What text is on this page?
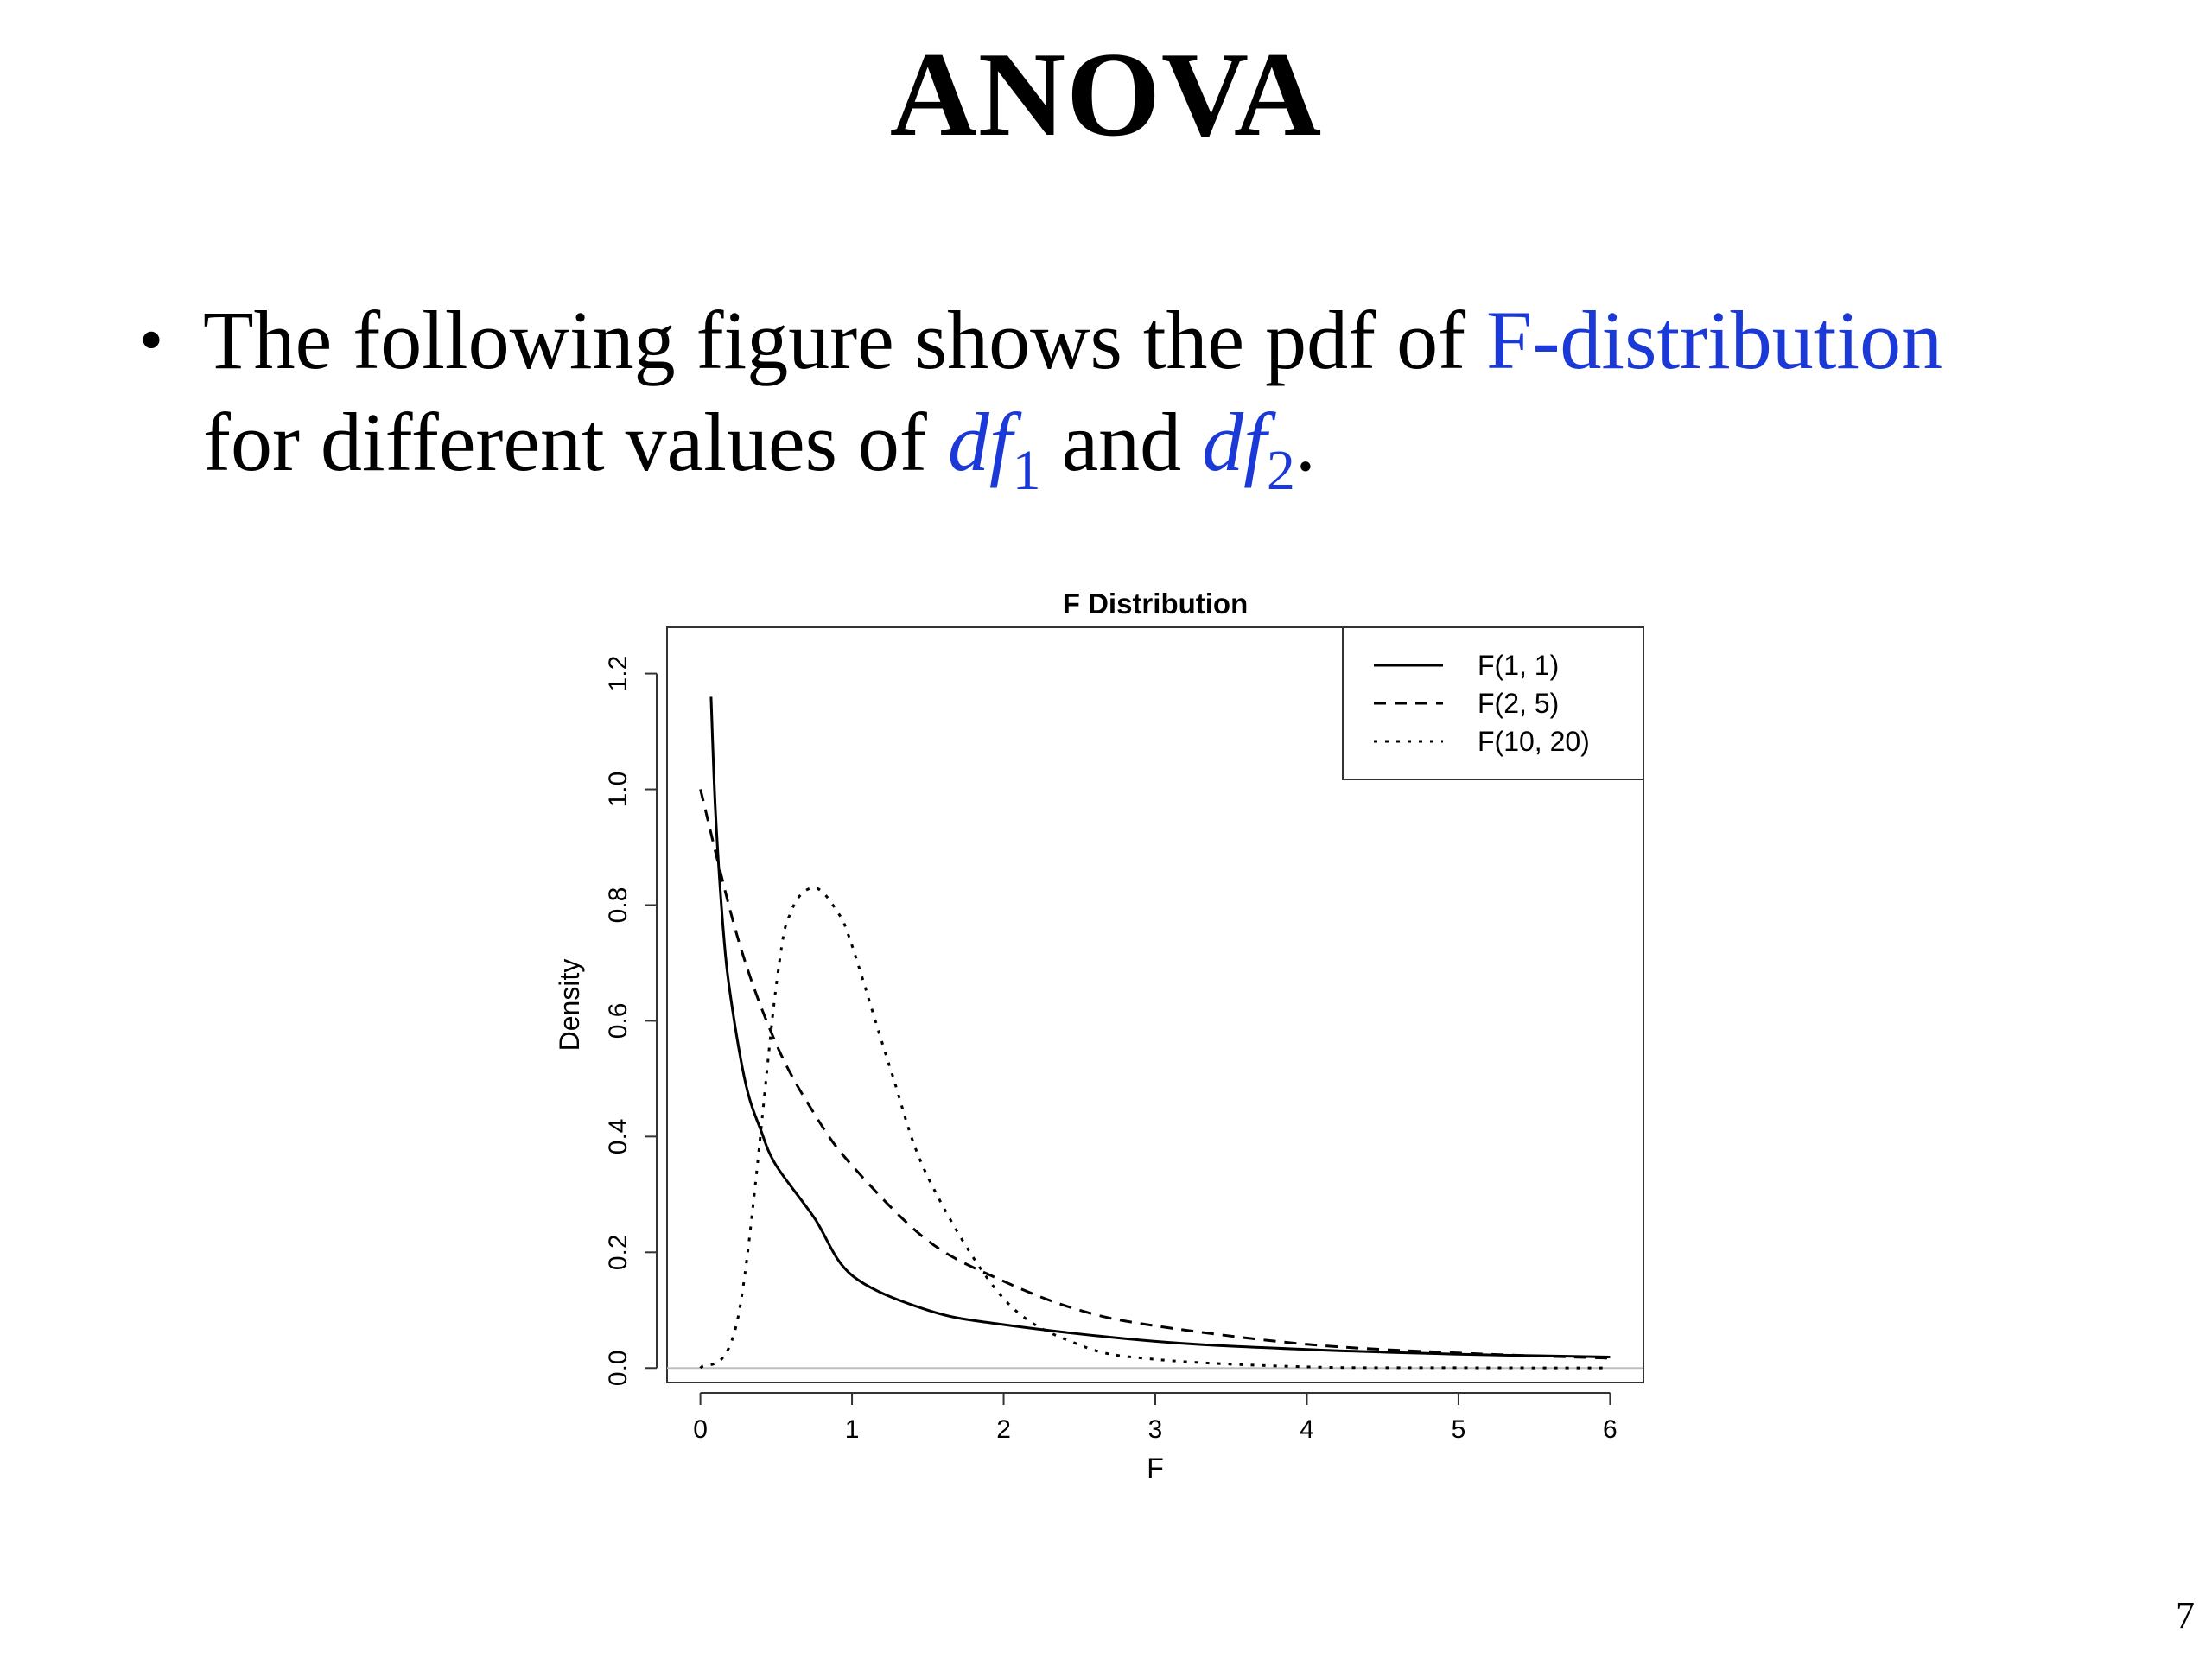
ANOVA
• The following figure shows the pdf of F-distribution
for different values of $df_1$ and $df_2$.
F Distribution
0	1	2	3	4	5	6
0.0
0.2
0.4
0.6
0.8
1.0
1.2
F
Density
F(1, 1)
F(2, 5)
F(10, 20)
7
